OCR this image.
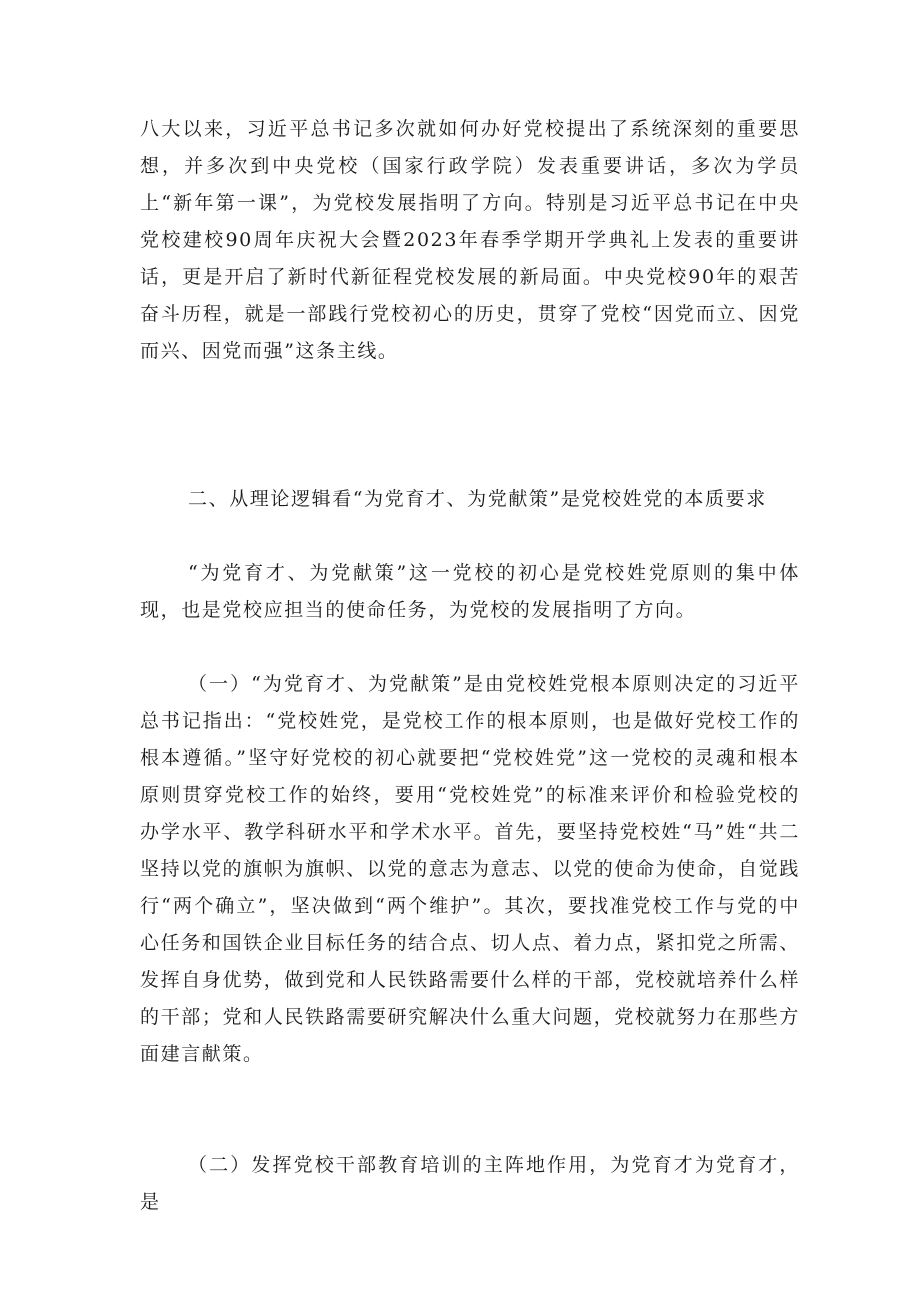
八大以来，习近平总书记多次就如何办好党校提出了系统深刻的重要思想，并多次到中央党校（国家行政学院）发表重要讲话，多次为学员上“新年第一课”，为党校发展指明了方向。特别是习近平总书记在中央党校建校90周年庆祝大会暨2023年春季学期开学典礼上发表的重要讲话，更是开启了新时代新征程党校发展的新局面。中央党校90年的艰苦奋斗历程，就是一部践行党校初心的历史，贯穿了党校“因党而立、因党而兴、因党而强”这条主线。

二、从理论逻辑看“为党育才、为党献策”是党校姓党的本质要求

“为党育才、为党献策”这一党校的初心是党校姓党原则的集中体现，也是党校应担当的使命任务，为党校的发展指明了方向。

（一）“为党育才、为党献策”是由党校姓党根本原则决定的习近平总书记指出：“党校姓党，是党校工作的根本原则，也是做好党校工作的根本遵循。”坚守好党校的初心就要把“党校姓党”这一党校的灵魂和根本原则贯穿党校工作的始终，要用“党校姓党”的标准来评价和检验党校的办学水平、教学科研水平和学术水平。首先，要坚持党校姓“马”姓“共二坚持以党的旗帜为旗帜、以党的意志为意志、以党的使命为使命，自觉践行“两个确立”，坚决做到“两个维护”。其次，要找准党校工作与党的中心任务和国铁企业目标任务的结合点、切人点、着力点，紧扣党之所需、发挥自身优势，做到党和人民铁路需要什么样的干部，党校就培养什么样的干部；党和人民铁路需要研究解决什么重大问题，党校就努力在那些方面建言献策。

（二）发挥党校干部教育培训的主阵地作用，为党育才为党育才，是
